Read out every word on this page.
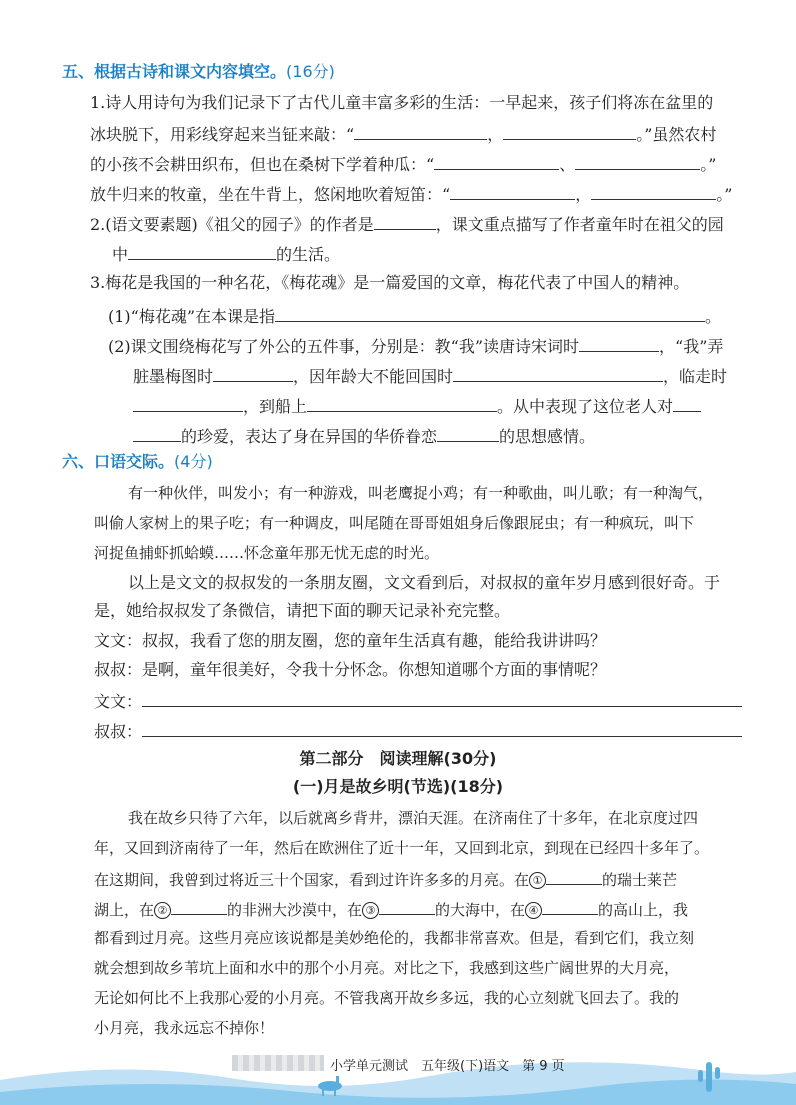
五、根据古诗和课文内容填空。(16分)
1.诗人用诗句为我们记录下了古代儿童丰富多彩的生活：一早起来，孩子们将冻在盆里的
冰块脱下，用彩线穿起来当钲来敲：“	，	。”虽然农村
的小孩不会耕田织布，但也在桑树下学着种瓜：“	、	。”
放牛归来的牧童，坐在牛背上，悠闲地吹着短笛：“	，	。”
2.(语文要素题)《祖父的园子》的作者是	，课文重点描写了作者童年时在祖父的园
中	的生活。
3.梅花是我国的一种名花，《梅花魂》是一篇爱国的文章，梅花代表了中国人的精神。
(1)“梅花魂”在本课是指	。
(2)课文围绕梅花写了外公的五件事，分别是：教“我”读唐诗宋词时	，“我”弄
脏墨梅图时	，因年龄大不能回国时	，临走时
，到船上	。从中表现了这位老人对
的珍爱，表达了身在异国的华侨眷恋	的思想感情。
六、口语交际。(4分)
有一种伙伴，叫发小；有一种游戏，叫老鹰捉小鸡；有一种歌曲，叫儿歌；有一种淘气，
叫偷人家树上的果子吃；有一种调皮，叫尾随在哥哥姐姐身后像跟屁虫；有一种疯玩，叫下
河捉鱼捕虾抓蛤蟆……怀念童年那无忧无虑的时光。
以上是文文的叔叔发的一条朋友圈，文文看到后，对叔叔的童年岁月感到很好奇。于
是，她给叔叔发了条微信，请把下面的聊天记录补充完整。
文文：叔叔，我看了您的朋友圈，您的童年生活真有趣，能给我讲讲吗？
叔叔：是啊，童年很美好，令我十分怀念。你想知道哪个方面的事情呢？
文文：
叔叔：
第二部分　阅读理解(30分)
(一)月是故乡明(节选)(18分)
我在故乡只待了六年，以后就离乡背井，漂泊天涯。在济南住了十多年，在北京度过四
年，又回到济南待了一年，然后在欧洲住了近十一年，又回到北京，到现在已经四十多年了。
在这期间，我曾到过将近三十个国家，看到过许许多多的月亮。在 ①	的瑞士莱芒
湖上，在 ②	的非洲大沙漠中，在 ③	的大海中，在 ④	的高山上，我
都看到过月亮。这些月亮应该说都是美妙绝伦的，我都非常喜欢。但是，看到它们，我立刻
就会想到故乡苇坑上面和水中的那个小月亮。对比之下，我感到这些广阔世界的大月亮，
无论如何比不上我那心爱的小月亮。不管我离开故乡多远，我的心立刻就飞回去了。我的
小月亮，我永远忘不掉你！
小学单元测试　五年级(下)语文　第 9 页
